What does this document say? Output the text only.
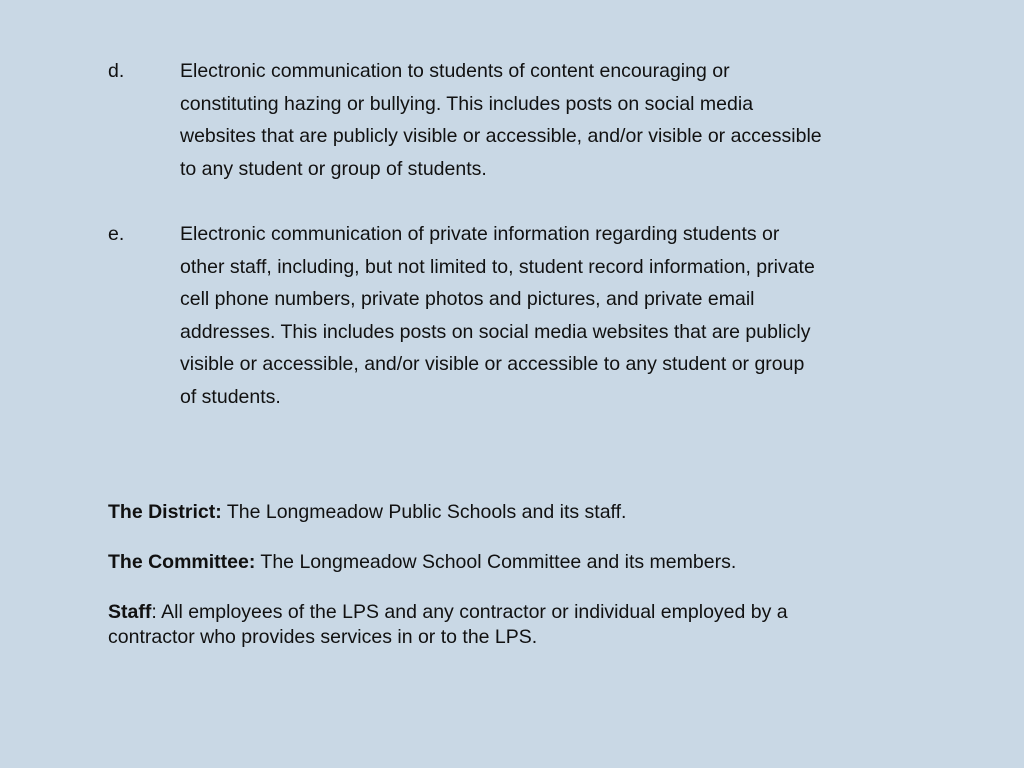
d.	Electronic communication to students of content encouraging or
constituting hazing or bullying. This includes posts on social media
websites that are publicly visible or accessible, and/or visible or accessible
to any student or group of students.
e.	Electronic communication of private information regarding students or
other staff, including, but not limited to, student record information, private
cell phone numbers, private photos and pictures, and private email
addresses. This includes posts on social media websites that are publicly
visible or accessible, and/or visible or accessible to any student or group
of students.
The District: The Longmeadow Public Schools and its staff.
The Committee: The Longmeadow School Committee and its members.
Staff: All employees of the LPS and any contractor or individual employed by a
contractor who provides services in or to the LPS.
